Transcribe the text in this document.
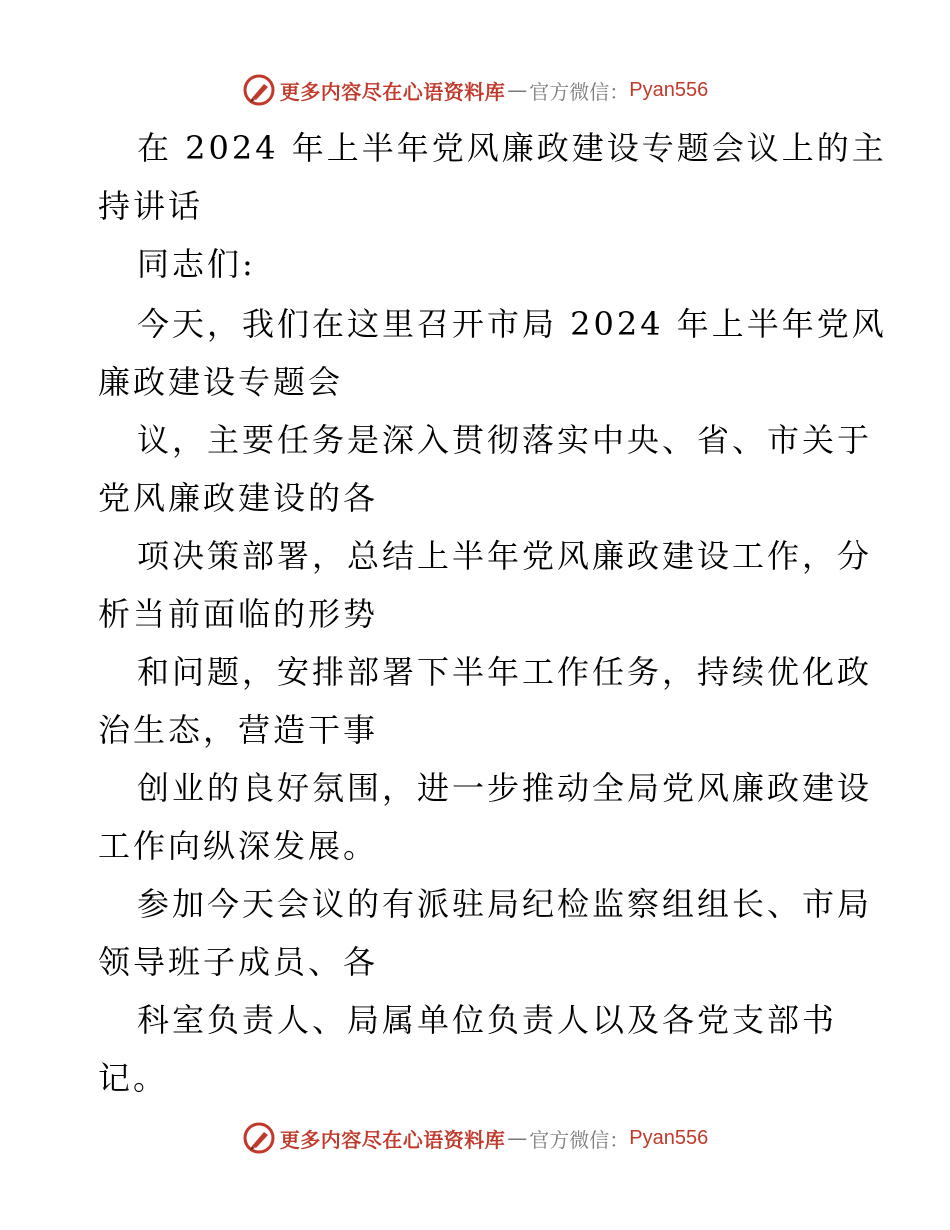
更多内容尽在心语资料库 — 官方微信： Pyan556
在 2024 年上半年党风廉政建设专题会议上的主
持讲话
同志们:
今天，我们在这里召开市局 2024 年上半年党风
廉政建设专题会
议，主要任务是深入贯彻落实中央、省、市关于
党风廉政建设的各
项决策部署，总结上半年党风廉政建设工作，分
析当前面临的形势
和问题，安排部署下半年工作任务，持续优化政
治生态，营造干事
创业的良好氛围，进一步推动全局党风廉政建设
工作向纵深发展。
参加今天会议的有派驻局纪检监察组组长、市局
领导班子成员、各
科室负责人、局属单位负责人以及各党支部书
记。
更多内容尽在心语资料库 — 官方微信： Pyan556
